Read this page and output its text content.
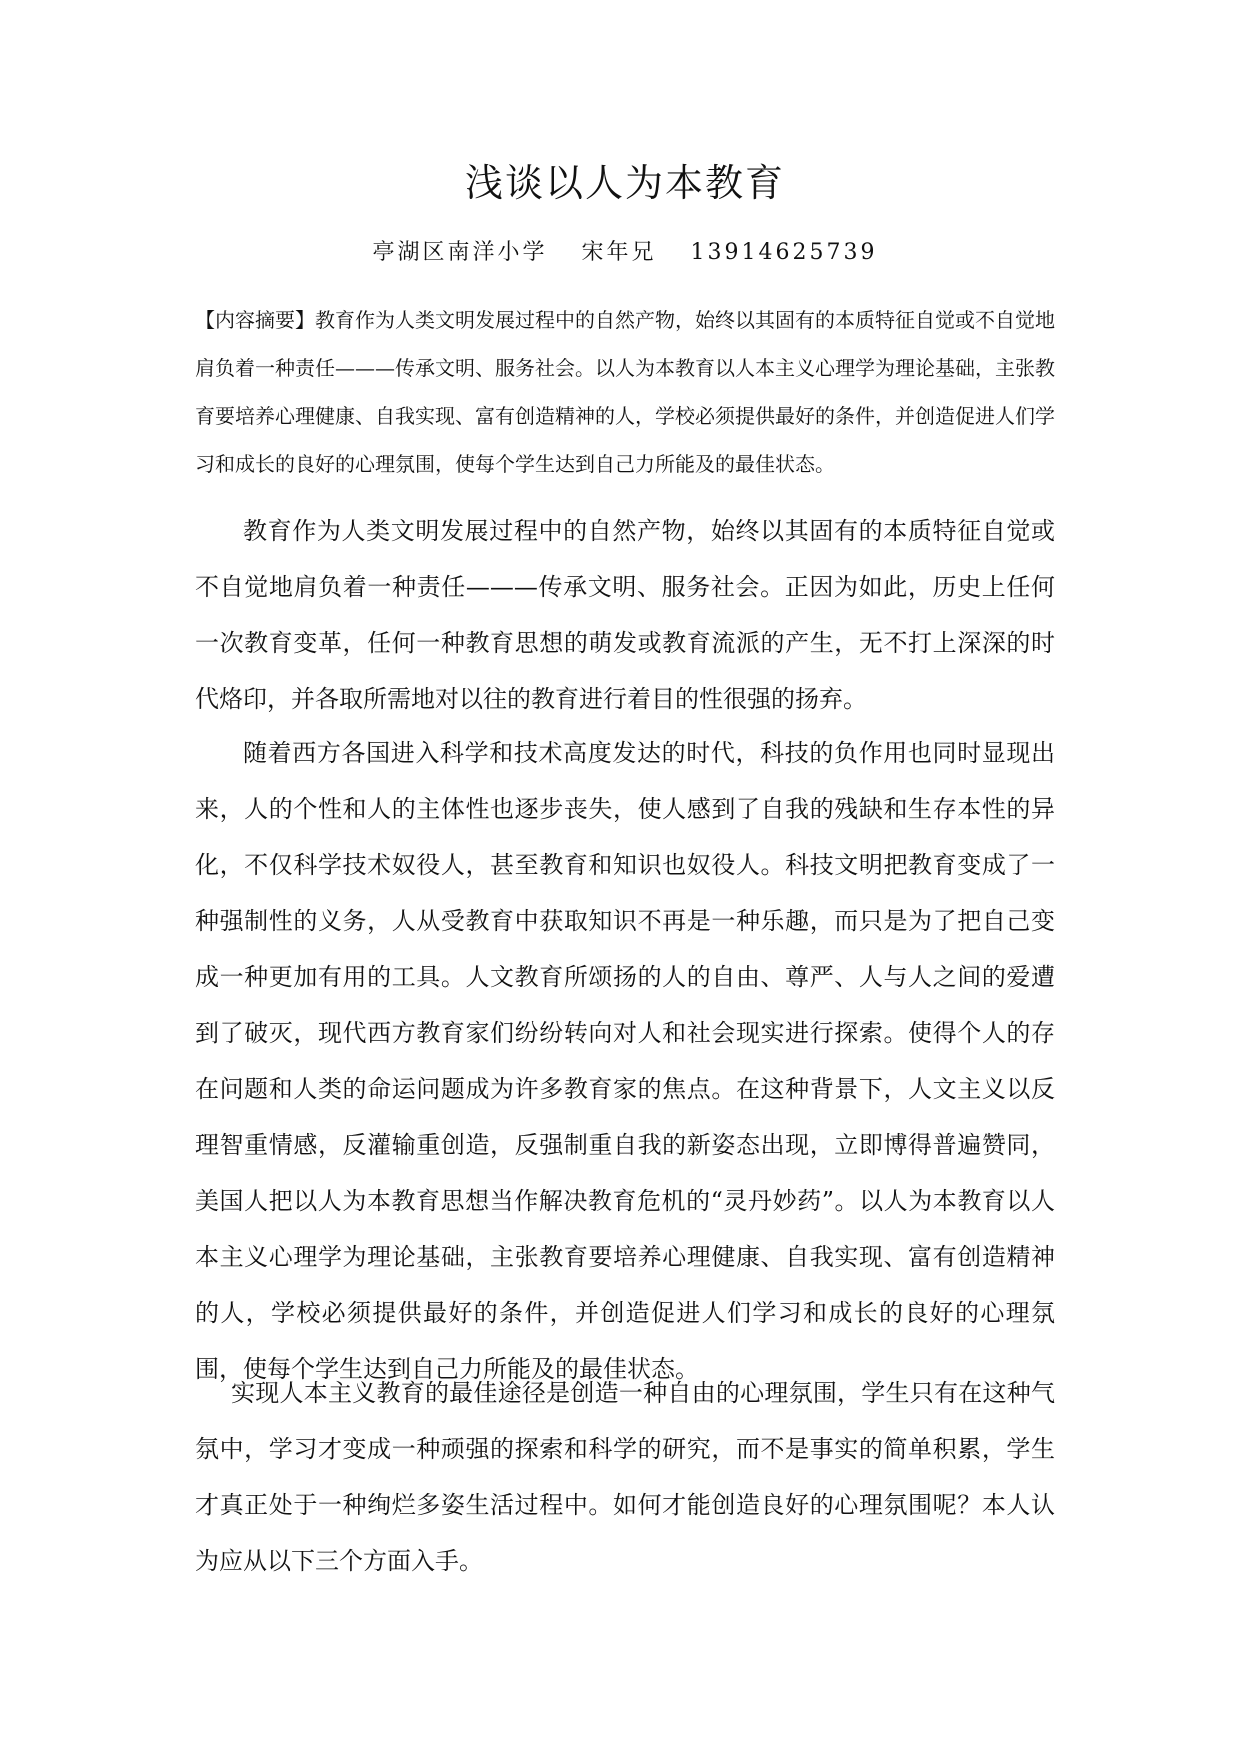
浅谈以人为本教育
亭湖区南洋小学 宋年兄 13914625739

【内容摘要】教育作为人类文明发展过程中的自然产物，始终以其固有的本质特征自觉或不自觉地肩负着一种责任———传承文明、服务社会。以人为本教育以人本主义心理学为理论基础，主张教育要培养心理健康、自我实现、富有创造精神的人，学校必须提供最好的条件，并创造促进人们学习和成长的良好的心理氛围，使每个学生达到自己力所能及的最佳状态。

教育作为人类文明发展过程中的自然产物，始终以其固有的本质特征自觉或不自觉地肩负着一种责任———传承文明、服务社会。正因为如此，历史上任何一次教育变革，任何一种教育思想的萌发或教育流派的产生，无不打上深深的时代烙印，并各取所需地对以往的教育进行着目的性很强的扬弃。

随着西方各国进入科学和技术高度发达的时代，科技的负作用也同时显现出来，人的个性和人的主体性也逐步丧失，使人感到了自我的残缺和生存本性的异化，不仅科学技术奴役人，甚至教育和知识也奴役人。科技文明把教育变成了一种强制性的义务，人从受教育中获取知识不再是一种乐趣，而只是为了把自己变成一种更加有用的工具。人文教育所颂扬的人的自由、尊严、人与人之间的爱遭到了破灭，现代西方教育家们纷纷转向对人和社会现实进行探索。使得个人的存在问题和人类的命运问题成为许多教育家的焦点。在这种背景下，人文主义以反理智重情感，反灌输重创造，反强制重自我的新姿态出现，立即博得普遍赞同，美国人把以人为本教育思想当作解决教育危机的“灵丹妙药”。以人为本教育以人本主义心理学为理论基础，主张教育要培养心理健康、自我实现、富有创造精神的人，学校必须提供最好的条件，并创造促进人们学习和成长的良好的心理氛围，使每个学生达到自己力所能及的最佳状态。

实现人本主义教育的最佳途径是创造一种自由的心理氛围，学生只有在这种气氛中，学习才变成一种顽强的探索和科学的研究，而不是事实的简单积累，学生才真正处于一种绚烂多姿生活过程中。如何才能创造良好的心理氛围呢？本人认为应从以下三个方面入手。
